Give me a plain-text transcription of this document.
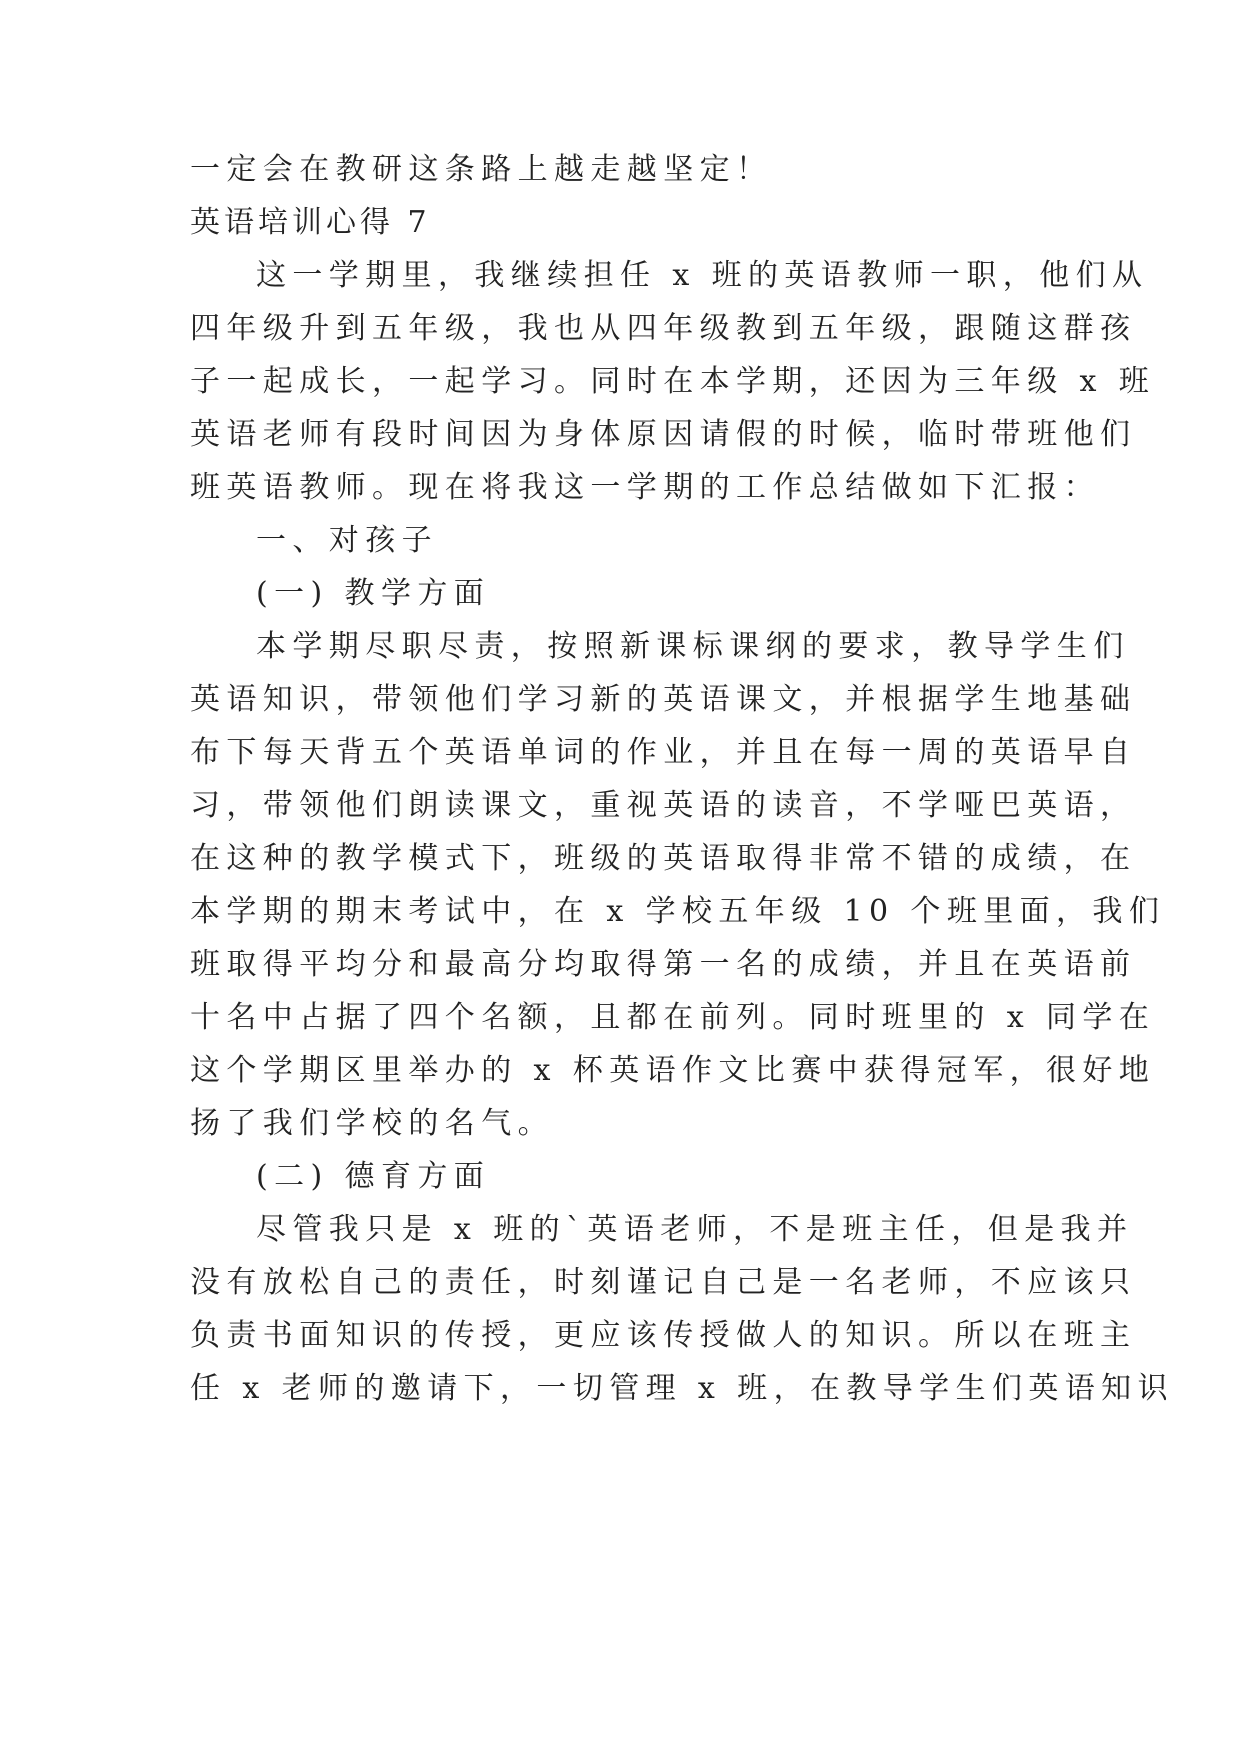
一定会在教研这条路上越走越坚定！
英语培训心得 7
这一学期里，我继续担任 x 班的英语教师一职，他们从
四年级升到五年级，我也从四年级教到五年级，跟随这群孩
子一起成长，一起学习。同时在本学期，还因为三年级 x 班
英语老师有段时间因为身体原因请假的时候，临时带班他们
班英语教师。现在将我这一学期的工作总结做如下汇报：
一、对孩子
(一) 教学方面
本学期尽职尽责，按照新课标课纲的要求，教导学生们
英语知识，带领他们学习新的英语课文，并根据学生地基础
布下每天背五个英语单词的作业，并且在每一周的英语早自
习，带领他们朗读课文，重视英语的读音，不学哑巴英语，
在这种的教学模式下，班级的英语取得非常不错的成绩，在
本学期的期末考试中，在 x 学校五年级 10 个班里面，我们
班取得平均分和最高分均取得第一名的成绩，并且在英语前
十名中占据了四个名额，且都在前列。同时班里的 x 同学在
这个学期区里举办的 x 杯英语作文比赛中获得冠军，很好地
扬了我们学校的名气。
(二) 德育方面
尽管我只是 x 班的`英语老师，不是班主任，但是我并
没有放松自己的责任，时刻谨记自己是一名老师，不应该只
负责书面知识的传授，更应该传授做人的知识。所以在班主
任 x 老师的邀请下，一切管理 x 班，在教导学生们英语知识
